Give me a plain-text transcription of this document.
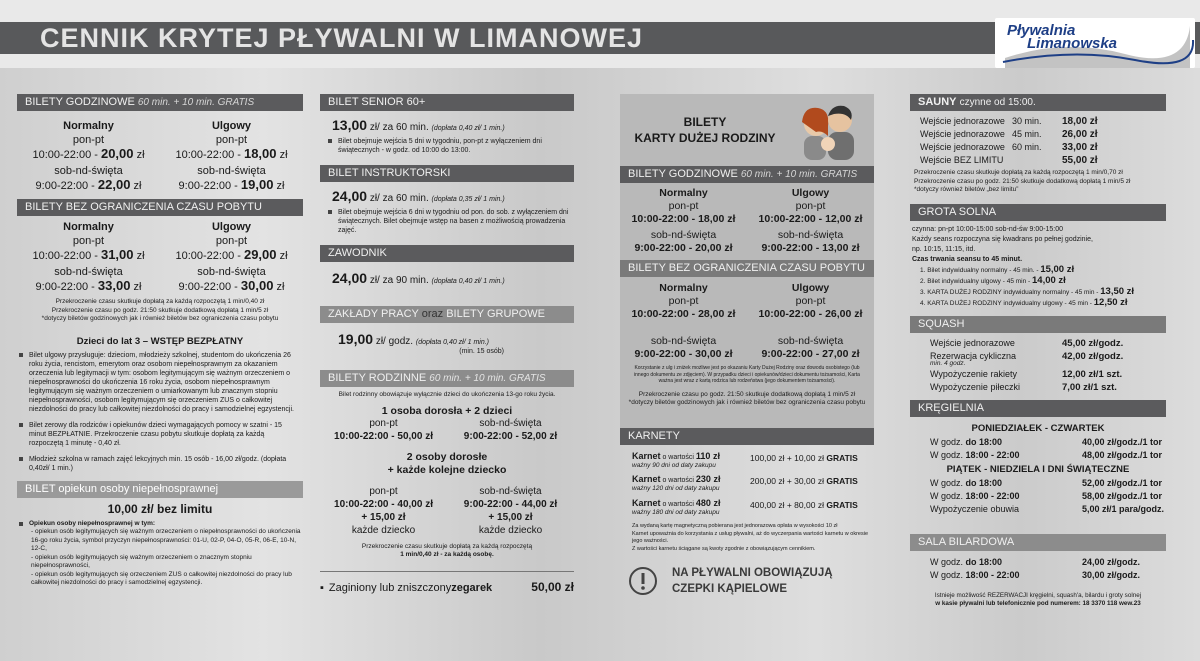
CENNIK KRYTEJ PŁYWALNI W LIMANOWEJ	Pływalnia
Limanowska
BILETY GODZINOWE 60 min. + 10 min. GRATIS
Normalny
pon-pt
10:00-22:00 - 20,00 zł
sob-nd-święta
9:00-22:00 - 22,00 zł
Ulgowy
pon-pt
10:00-22:00 - 18,00 zł
sob-nd-święta
9:00-22:00 - 19,00 zł
BILETY BEZ OGRANICZENIA CZASU POBYTU
Normalny
pon-pt
10:00-22:00 - 31,00 zł
sob-nd-święta
9:00-22:00 - 33,00 zł
Ulgowy
pon-pt
10:00-22:00 - 29,00 zł
sob-nd-święta
9:00-22:00 - 30,00 zł
Przekroczenie czasu skutkuje dopłatą za każdą rozpoczętą 1 min/0,40 zł
Przekroczenie czasu po godz. 21:50 skutkuje dodatkową dopłatą 1 min/5 zł
*dotyczy biletów godzinowych jak i również biletów bez ograniczenia czasu pobytu
Dzieci do lat 3 – WSTĘP BEZPŁATNY
Bilet ulgowy przysługuje: dzieciom, młodzieży szkolnej, studentom do ukończenia 26 roku życia, rencistom, emerytom oraz osobom niepełnosprawnym za okazaniem orzeczenia lub legitymacji w tym: osobom legitymującym się ważnym orzeczeniem o niepełnosprawności do ukończenia 16 roku życia, osobom niepełnosprawnym legitymującym się ważnym orzeczeniem o umiarkowanym lub znacznym stopniu niepełnosprawności, osobom legitymującym się orzeczeniem ZUS o całkowitej niezdolności do pracy lub całkowitej niezdolności do pracy i samodzielnej egzystencji.
Bilet zerowy dla rodziców i opiekunów dzieci wymagających pomocy w szatni - 15 minut BEZPŁATNIE. Przekroczenie czasu pobytu skutkuje dopłatą za każdą rozpoczętą 1 minutę - 0,40 zł.
Młodzież szkolna w ramach zajęć lekcyjnych min. 15 osób - 16,00 zł/godz. (dopłata 0,40zł/ 1 min.)
BILET opiekun osoby niepełnosprawnej
10,00 zł/ bez limitu
Opiekun osoby niepełnosprawnej w tym:
- opiekun osób legitymujących się ważnym orzeczeniem o niepełnosprawności do ukończenia 16-go roku życia, symbol przyczyn niepełnosprawności: 01-U, 02-P, 04-O, 05-R, 06-E, 10-N, 12-C,
- opiekun osób legitymujących się ważnym orzeczeniem o znacznym stopniu niepełnosprawności,
- opiekun osób legitymujących się orzeczeniem ZUS o całkowitej niezdolności do pracy lub całkowitej niezdolności do pracy i samodzielnej egzystencji.
BILET SENIOR 60+
13,00 zł/ za 60 min. (dopłata 0,40 zł/ 1 min.)
Bilet obejmuje wejścia 5 dni w tygodniu, pon-pt z wyłączeniem dni świątecznych - w godz. od 10:00 do 13:00.
BILET INSTRUKTORSKI
24,00 zł/ za 60 min. (dopłata 0,35 zł/ 1 min.)
Bilet obejmuje wejścia 6 dni w tygodniu od pon. do sob. z wyłączeniem dni świątecznych. Bilet obejmuje wstęp na basen z możliwością prowadzenia zajęć.
ZAWODNIK
24,00 zł/ za 90 min. (dopłata 0,40 zł/ 1 min.)
ZAKŁADY PRACY oraz BILETY GRUPOWE
19,00 zł/ godz. (dopłata 0,40 zł/ 1 min.)
(min. 15 osób)
BILETY RODZINNE 60 min. + 10 min. GRATIS
Bilet rodzinny obowiązuje wyłącznie dzieci do ukończenia 13-go roku życia.
1 osoba dorosła + 2 dzieci
pon-pt
10:00-22:00 - 50,00 zł
sob-nd-święta
9:00-22:00 - 52,00 zł
2 osoby dorosłe
+ każde kolejne dziecko
pon-pt
10:00-22:00 - 40,00 zł
+ 15,00 zł
każde dziecko
sob-nd-święta
9:00-22:00 - 44,00 zł
+ 15,00 zł
każde dziecko
Przekroczenie czasu skutkuje dopłatą za każdą rozpoczętą
1 min/0,40 zł - za każdą osobę.
▪ Zaginiony lub zniszczony zegarek	50,00 zł
BILETY
KARTY DUŻEJ RODZINY
BILETY GODZINOWE 60 min. + 10 min. GRATIS
Normalny
pon-pt
10:00-22:00 - 18,00 zł
sob-nd-święta
9:00-22:00 - 20,00 zł
Ulgowy
pon-pt
10:00-22:00 - 12,00 zł
sob-nd-święta
9:00-22:00 - 13,00 zł
BILETY BEZ OGRANICZENIA CZASU POBYTU
Normalny
pon-pt
10:00-22:00 - 28,00 zł
sob-nd-święta
9:00-22:00 - 30,00 zł
Ulgowy
pon-pt
10:00-22:00 - 26,00 zł
sob-nd-święta
9:00-22:00 - 27,00 zł
Korzystanie z ulg i zniżek możliwe jest po okazaniu Karty Dużej Rodziny oraz dowodu osobistego (lub innego dokumentu ze zdjęciem). W przypadku dzieci i opiekunów/dzieci dokumentu tożsamości, Karta ważna jest wraz z kartą rodzica lub rodzeństwa (jego dokumentem tożsamości).
Przekroczenie czasu po godz. 21:50 skutkuje dodatkową dopłatą 1 min/5 zł
*dotyczy biletów godzinowych jak i również biletów bez ograniczenia czasu pobytu
KARNETY
Karnet o wartości 110 zł
ważny 90 dni od daty zakupu
100,00 zł + 10,00 zł GRATIS
Karnet o wartości 230 zł
ważny 120 dni od daty zakupu
200,00 zł + 30,00 zł GRATIS
Karnet o wartości 480 zł
ważny 180 dni od daty zakupu
400,00 zł + 80,00 zł GRATIS
Za wydaną kartę magnetyczną pobierana jest jednorazowa opłata w wysokości 10 zł
Karnet upoważnia do korzystania z usług pływalni, aż do wyczerpania wartości karnetu w okresie jego ważności.
Z wartości karnetu ściągane są kwoty zgodnie z obowiązującym cennikiem.
NA PŁYWALNI OBOWIĄZUJĄ
CZEPKI KĄPIELOWE
SAUNY czynne od 15:00.
Wejście jednorazowe 30 min.	18,00 zł
Wejście jednorazowe 45 min.	26,00 zł
Wejście jednorazowe 60 min.	33,00 zł
Wejście BEZ LIMITU	55,00 zł
Przekroczenie czasu skutkuje dopłatą za każdą rozpoczętą 1 min/0,70 zł
Przekroczenie czasu po godz. 21:50 skutkuje dodatkową dopłatą 1 min/5 zł
*dotyczy również biletów „bez limitu”
GROTA SOLNA
czynna: pn-pt 10:00-15:00 sob-nd-św 9:00-15:00
Każdy seans rozpoczyna się kwadrans po pełnej godzinie,
np. 10:15, 11:15, itd.
Czas trwania seansu to 45 minut.
1. Bilet indywidualny normalny - 45 min. - 15,00 zł
2. Bilet indywidualny ulgowy - 45 min - 14,00 zł
3. KARTA DUŻEJ RODZINY indywidualny normalny - 45 min - 13,50 zł
4. KARTA DUŻEJ RODZINY indywidualny ulgowy - 45 min - 12,50 zł
SQUASH
Wejście jednorazowe	45,00 zł/godz.
Rezerwacja cykliczna	42,00 zł/godz.
min. 4 godz.
Wypożyczenie rakiety	12,00 zł/1 szt.
Wypożyczenie piłeczki	7,00 zł/1 szt.
KRĘGIELNIA
PONIEDZIAŁEK - CZWARTEK
W godz. do 18:00	40,00 zł/godz./1 tor
W godz. 18:00 - 22:00	48,00 zł/godz./1 tor
PIĄTEK - NIEDZIELA I DNI ŚWIĄTECZNE
W godz. do 18:00	52,00 zł/godz./1 tor
W godz. 18:00 - 22:00	58,00 zł/godz./1 tor
Wypożyczenie obuwia	5,00 zł/1 para/godz.
SALA BILARDOWA
W godz. do 18:00	24,00 zł/godz.
W godz. 18:00 - 22:00	30,00 zł/godz.
Istnieje możliwość REZERWACJI kręgielni, squash'a, bilardu i groty solnej
w kasie pływalni lub telefonicznie pod numerem: 18 3370 118 wew.23
